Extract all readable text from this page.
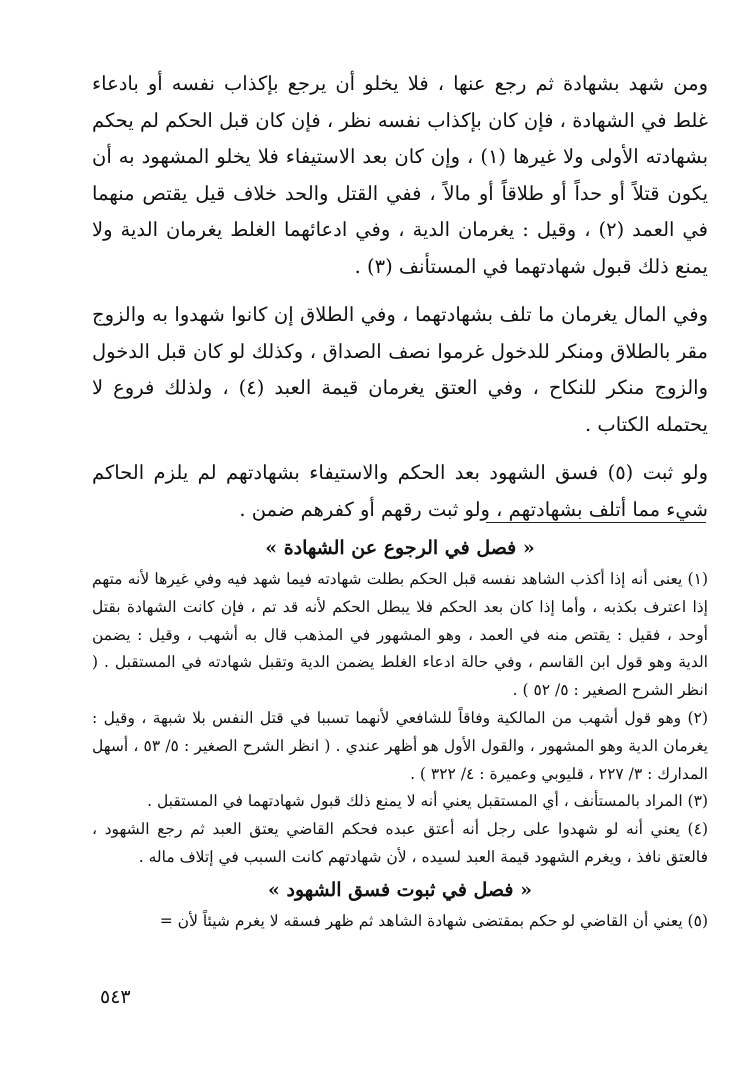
ومن شهد بشهادة ثم رجع عنها ، فلا يخلو أن يرجع بإكذاب نفسه أو بادعاء غلط في الشهادة ، فإن كان بإكذاب نفسه نظر ، فإن كان قبل الحكم لم يحكم بشهادته الأولى ولا غيرها (١) ، وإن كان بعد الاستيفاء فلا يخلو المشهود به أن يكون قتلاً أو حداً أو طلاقاً أو مالاً ، ففي القتل والحد خلاف قيل يقتص منهما في العمد (٢) ، وقيل : يغرمان الدية ، وفي ادعائهما الغلط يغرمان الدية ولا يمنع ذلك قبول شهادتهما في المستأنف (٣) .

وفي المال يغرمان ما تلف بشهادتهما ، وفي الطلاق إن كانوا شهدوا به والزوج مقر بالطلاق ومنكر للدخول غرموا نصف الصداق ، وكذلك لو كان قبل الدخول والزوج منكر للنكاح ، وفي العتق يغرمان قيمة العبد (٤) ، ولذلك فروع لا يحتمله الكتاب .

ولو ثبت (٥) فسق الشهود بعد الحكم والاستيفاء بشهادتهم لم يلزم الحاكم شيء مما أتلف بشهادتهم ، ولو ثبت رقهم أو كفرهم ضمن .

« فصل في الرجوع عن الشهادة »

(١) يعنى أنه إذا أكذب الشاهد نفسه قبل الحكم بطلت شهادته فيما شهد فيه وفي غيرها لأنه متهم إذا اعترف بكذبه ، وأما إذا كان بعد الحكم فلا يبطل الحكم لأنه قد تم ، فإن كانت الشهادة بقتل أوحد ، فقيل : يقتص منه في العمد ، وهو المشهور في المذهب قال به أشهب ، وقيل : يضمن الدية وهو قول ابن القاسم ، وفي حالة ادعاء الغلط يضمن الدية وتقبل شهادته في المستقبل . ( انظر الشرح الصغير : ٥/ ٥٢ ) .

(٢) وهو قول أشهب من المالكية وفاقاً للشافعي لأنهما تسببا في قتل النفس بلا شبهة ، وقيل : يغرمان الدية وهو المشهور ، والقول الأول هو أظهر عندي . ( انظر الشرح الصغير : ٥/ ٥٣ ، أسهل المدارك : ٣/ ٢٢٧ ، قليوبي وعميرة : ٤/ ٣٢٢ ) .

(٣) المراد بالمستأنف ، أي المستقبل يعني أنه لا يمنع ذلك قبول شهادتهما في المستقبل .

(٤) يعني أنه لو شهدوا على رجل أنه أعتق عبده فحكم القاضي يعتق العبد ثم رجع الشهود ، فالعتق نافذ ، ويغرم الشهود قيمة العبد لسيده ، لأن شهادتهم كانت السبب في إتلاف ماله .

« فصل في ثبوت فسق الشهود »

(٥) يعني أن القاضي لو حكم بمقتضى شهادة الشاهد ثم ظهر فسقه لا يغرم شيئاً لأن =

٥٤٣
